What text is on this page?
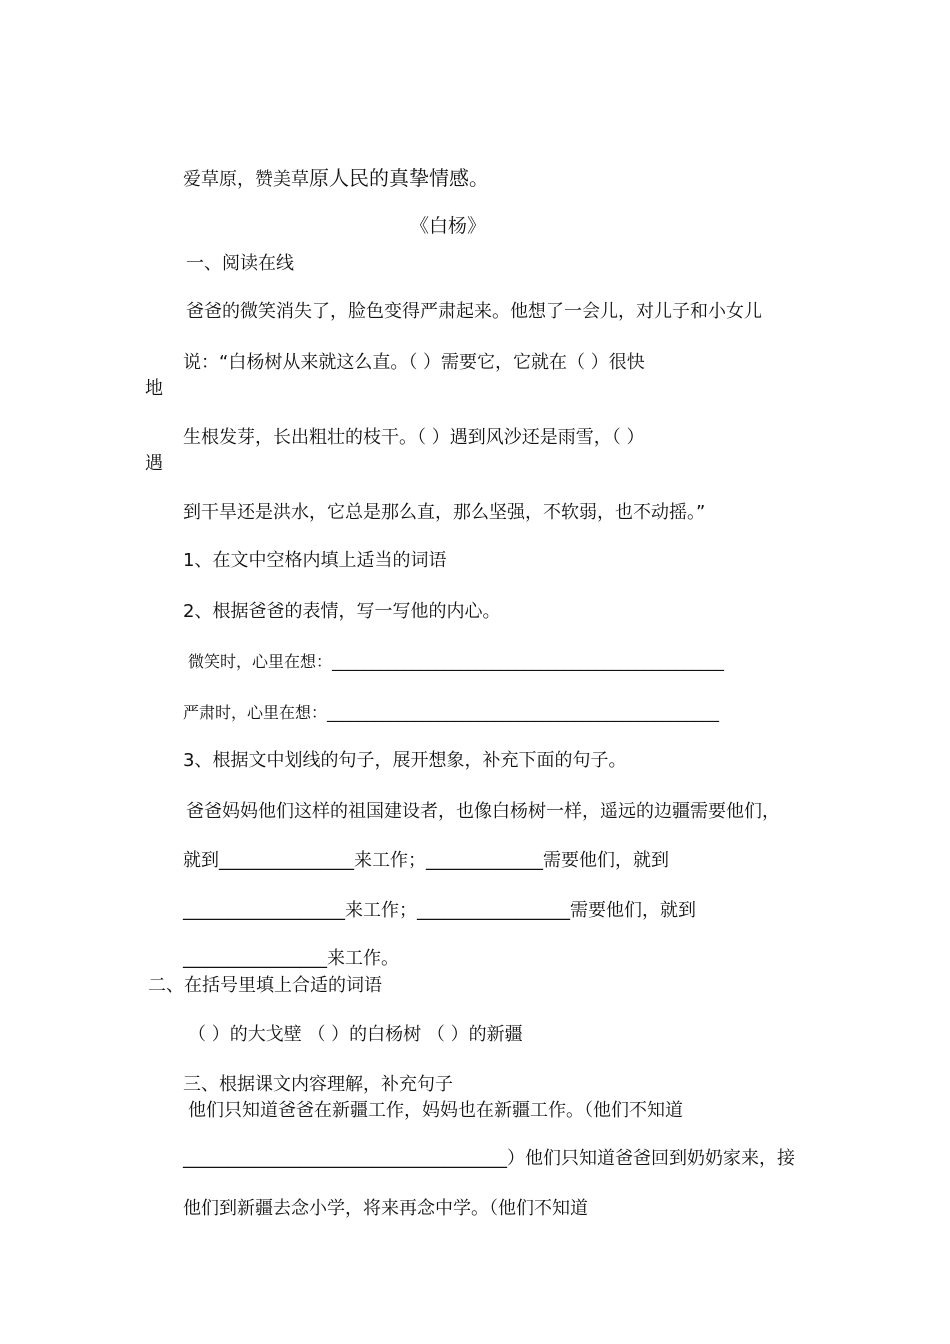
爱草原，赞美草原人民的真挚情感。
《白杨》
一、阅读在线
爸爸的微笑消失了，脸色变得严肃起来。他想了一会儿，对儿子和小女儿
说：“白杨树从来就这么直。（ ）需要它，它就在（ ）很快
地
生根发芽，长出粗壮的枝干。（ ）遇到风沙还是雨雪，（ ）
遇
到干旱还是洪水，它总是那么直，那么坚强，不软弱，也不动摇。”
1、在文中空格内填上适当的词语
2、根据爸爸的表情，写一写他的内心。
微笑时，心里在想：_________________________________________________
严肃时，心里在想：_________________________________________________
3、根据文中划线的句子，展开想象，补充下面的句子。
爸爸妈妈他们这样的祖国建设者，也像白杨树一样，遥远的边疆需要他们，
就到_______________来工作；_____________需要他们，就到
__________________来工作；_________________需要他们，就到
________________来工作。
二、在括号里填上合适的词语
（ ）的大戈壁 （ ）的白杨树 （ ）的新疆
三、根据课文内容理解，补充句子
他们只知道爸爸在新疆工作，妈妈也在新疆工作。（他们不知道
____________________________________）他们只知道爸爸回到奶奶家来，接
他们到新疆去念小学，将来再念中学。（他们不知道
